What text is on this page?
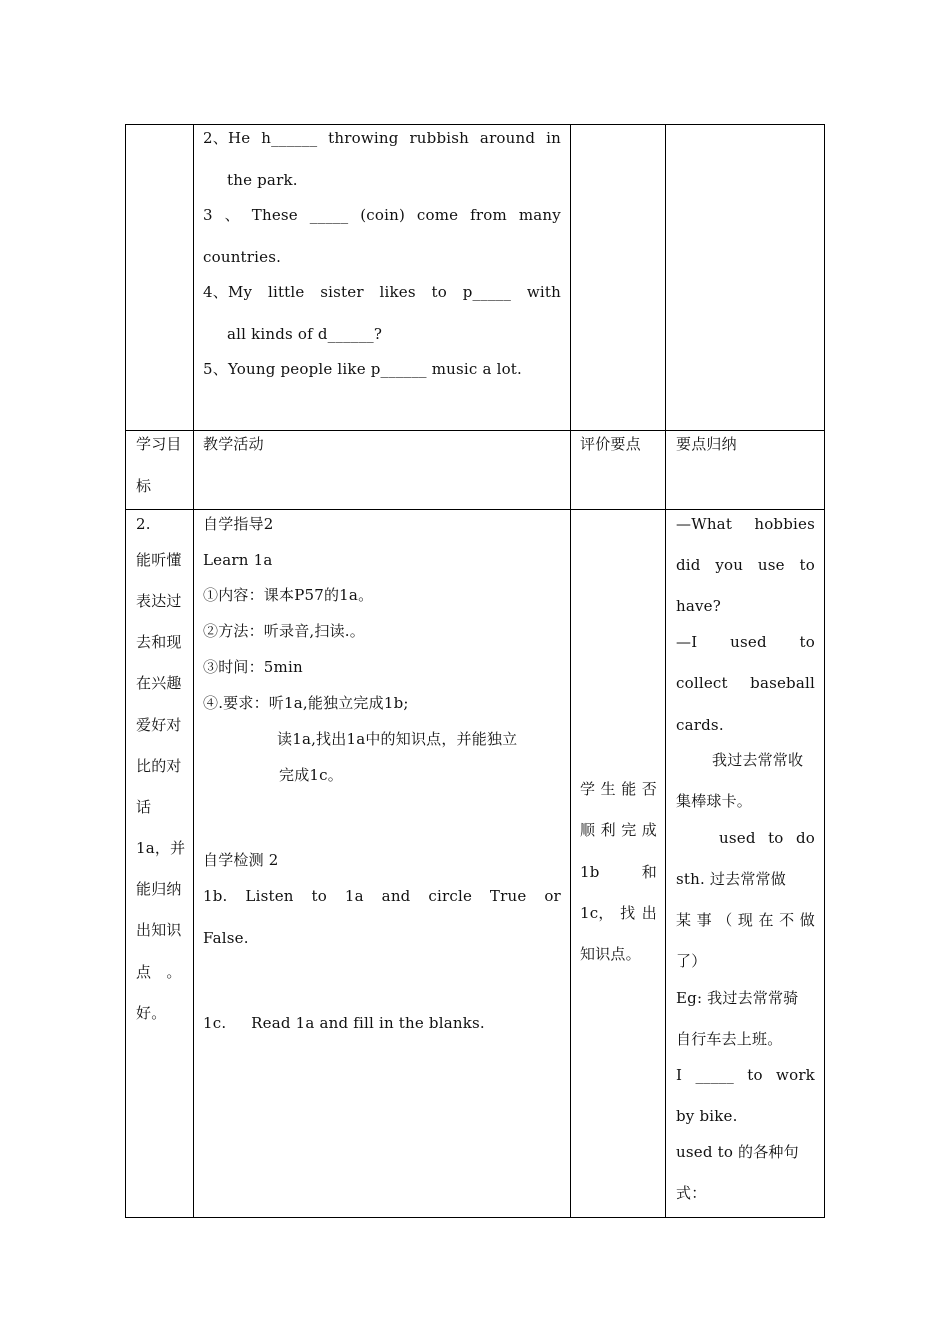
2、He h______ throwing rubbish around in
the park.
3 、 These _____ (coin) come from many
countries.
4、My little sister likes to p_____ with
all kinds of d______?
5、Young people like p______ music a lot.
学习目
标
教学活动	评价要点 要点归纳
2.
能听懂
表达过
去和现
在兴趣
爱好对
比的对
话
1a，并
能归纳
出知识
点　。
好。
自学指导2
Learn 1a
①内容：课本P57的1a。
②方法：听录音,扫读.。
③时间：5min
④.要求：听1a,能独立完成1b;
读1a,找出1a中的知识点，并能独立
完成1c。
自学检测 2
1b. Listen to 1a and circle True or
False.
1c.     Read 1a and fill in the blanks.
学 生 能 否
顺 利 完 成
1b	和
1c， 找 出
知识点。
—What hobbies
did you use to
have?
—I used to
collect baseball
cards.
我过去常常收
集棒球卡。
used to do
sth. 过去常常做
某 事 （ 现 在 不 做
了）
Eg: 我过去常常骑
自行车去上班。
I _____ to work
by bike.
used to 的各种句
式：
